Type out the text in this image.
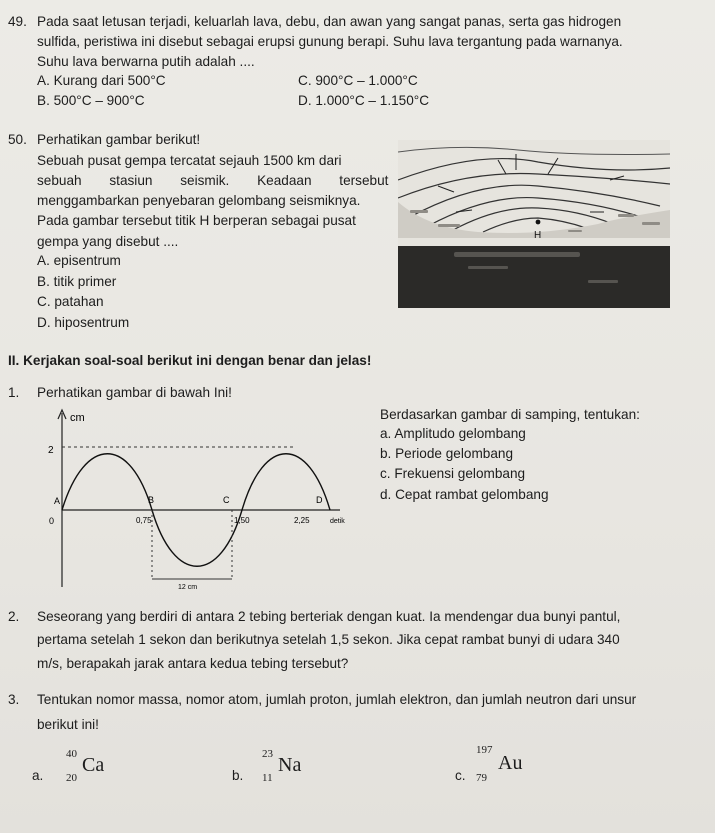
49. Pada saat letusan terjadi, keluarlah lava, debu, dan awan yang sangat panas, serta gas hidrogen
sulfida, peristiwa ini disebut sebagai erupsi gunung berapi. Suhu lava tergantung pada warnanya.
Suhu lava berwarna putih adalah ....
A. Kurang dari 500°C
B. 500°C – 900°C
C. 900°C – 1.000°C
D. 1.000°C – 1.150°C
50. Perhatikan gambar berikut!
Sebuah pusat gempa tercatat sejauh 1500 km dari
sebuah stasiun seismik. Keadaan tersebut
menggambarkan penyebaran gelombang seismiknya.
Pada gambar tersebut titik H berperan sebagai pusat
gempa yang disebut ....
A. episentrum
B. titik primer
C. patahan
D. hiposentrum
H
II. Kerjakan soal-soal berikut ini dengan benar dan jelas!
1. Perhatikan gambar di bawah Ini!
Berdasarkan gambar di samping, tentukan:
a. Amplitudo gelombang
b. Periode gelombang
c. Frekuensi gelombang
d. Cepat rambat gelombang
cm
2
0
A	B	C	D
0,75	1,50	2,25	detik
12 cm
2. Seseorang yang berdiri di antara 2 tebing berteriak dengan kuat. Ia mendengar dua bunyi pantul,
pertama setelah 1 sekon dan berikutnya setelah 1,5 sekon. Jika cepat rambat bunyi di udara 340
m/s, berapakah jarak antara kedua tebing tersebut?
3. Tentukan nomor massa, nomor atom, jumlah proton, jumlah elektron, dan jumlah neutron dari unsur
berikut ini!
a.
40
20
Ca	b.
23
11
Na	c.
197
79
Au
